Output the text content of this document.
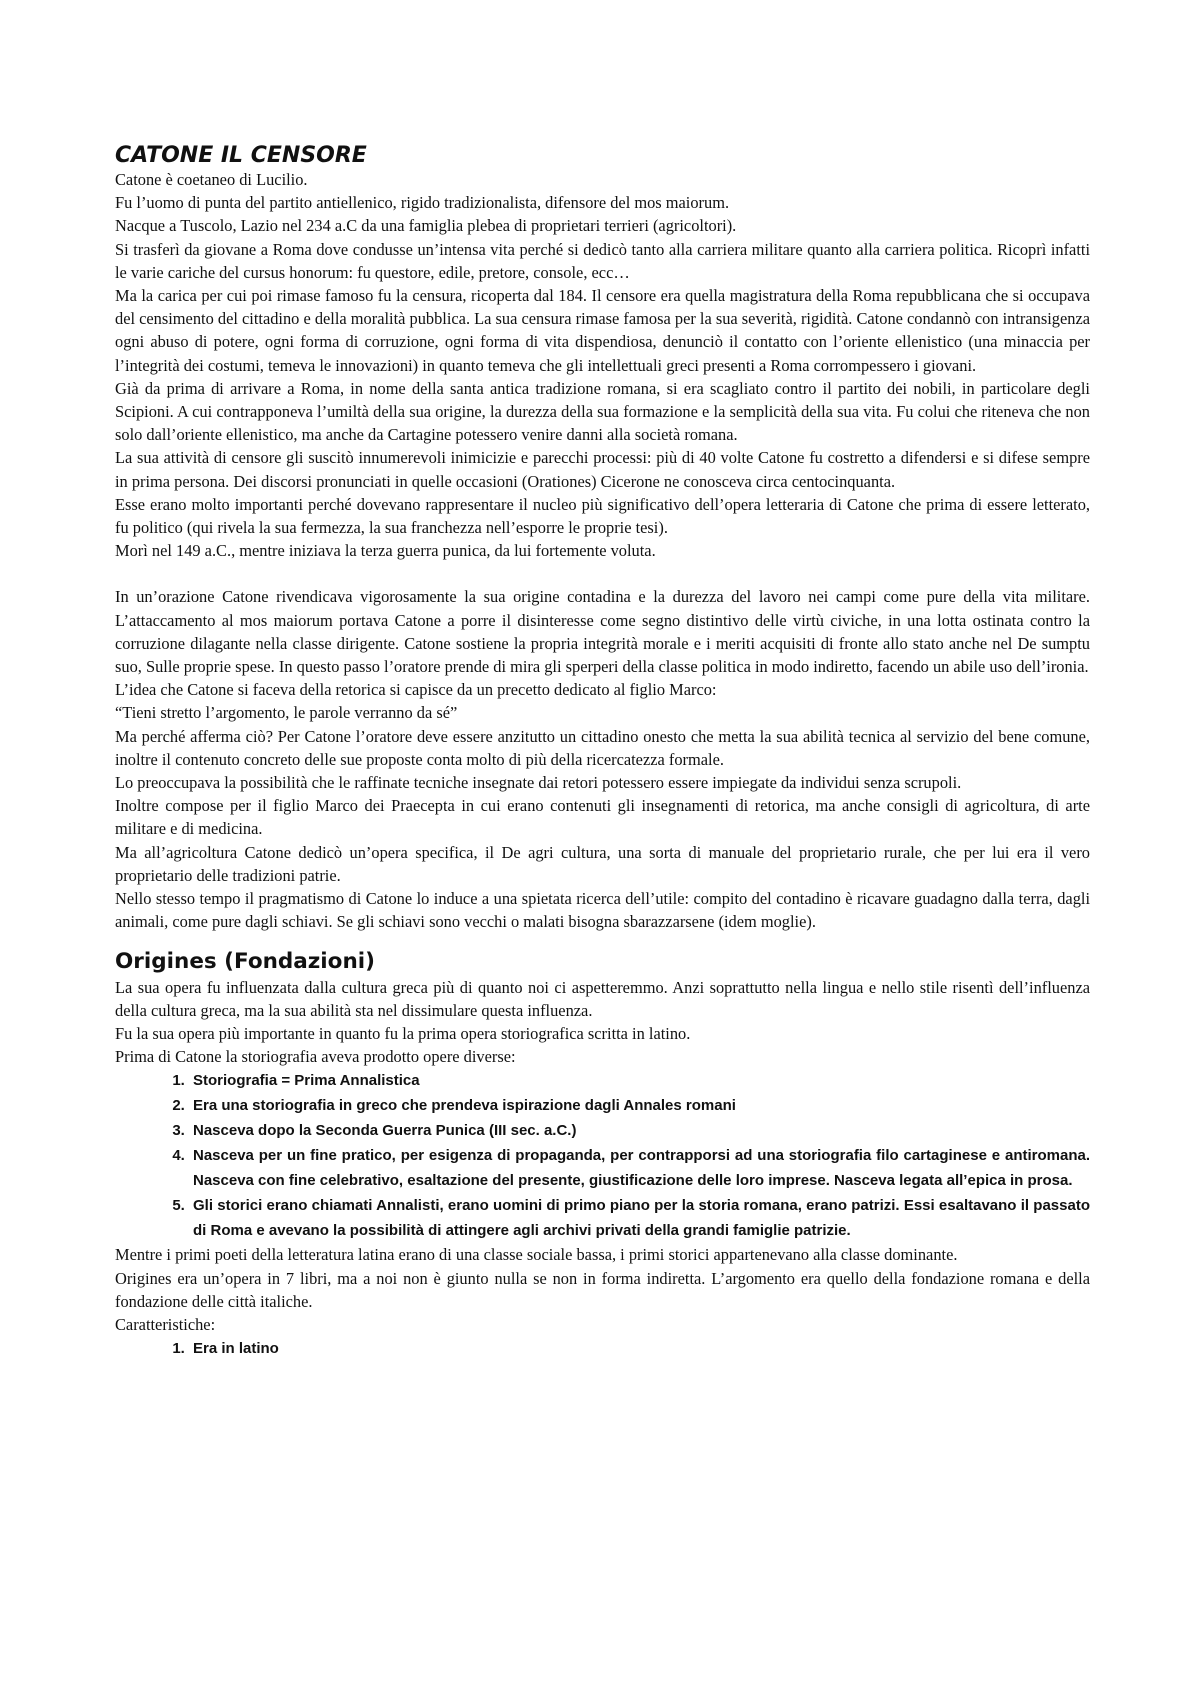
CATONE IL CENSORE

Catone è coetaneo di Lucilio.

Fu l’uomo di punta del partito antiellenico, rigido tradizionalista, difensore del mos maiorum.

Nacque a Tuscolo, Lazio nel 234 a.C da una famiglia plebea di proprietari terrieri (agricoltori).

Si trasferì da giovane a Roma dove condusse un’intensa vita perché si dedicò tanto alla carriera militare quanto alla carriera politica. Ricoprì infatti le varie cariche del cursus honorum: fu questore, edile, pretore, console, ecc…

Ma la carica per cui poi rimase famoso fu la censura, ricoperta dal 184. Il censore era quella magistratura della Roma repubblicana che si occupava del censimento del cittadino e della moralità pubblica. La sua censura rimase famosa per la sua severità, rigidità. Catone condannò con intransigenza ogni abuso di potere, ogni forma di corruzione, ogni forma di vita dispendiosa, denunciò il contatto con l’oriente ellenistico (una minaccia per l’integrità dei costumi, temeva le innovazioni) in quanto temeva che gli intellettuali greci presenti a Roma corrompessero i giovani.

Già da prima di arrivare a Roma, in nome della santa antica tradizione romana, si era scagliato contro il partito dei nobili, in particolare degli Scipioni. A cui contrapponeva l’umiltà della sua origine, la durezza della sua formazione e la semplicità della sua vita. Fu colui che riteneva che non solo dall’oriente ellenistico, ma anche da Cartagine potessero venire danni alla società romana.

La sua attività di censore gli suscitò innumerevoli inimicizie e parecchi processi: più di 40 volte Catone fu costretto a difendersi e si difese sempre in prima persona. Dei discorsi pronunciati in quelle occasioni (Orationes) Cicerone ne conosceva circa centocinquanta.

Esse erano molto importanti perché dovevano rappresentare il nucleo più significativo dell’opera letteraria di Catone che prima di essere letterato, fu politico (qui rivela la sua fermezza, la sua franchezza nell’esporre le proprie tesi).

Morì nel 149 a.C., mentre iniziava la terza guerra punica, da lui fortemente voluta.

In un’orazione Catone rivendicava vigorosamente la sua origine contadina e la durezza del lavoro nei campi come pure della vita militare. L’attaccamento al mos maiorum portava Catone a porre il disinteresse come segno distintivo delle virtù civiche, in una lotta ostinata contro la corruzione dilagante nella classe dirigente. Catone sostiene la propria integrità morale e i meriti acquisiti di fronte allo stato anche nel De sumptu suo, Sulle proprie spese. In questo passo l’oratore prende di mira gli sperperi della classe politica in modo indiretto, facendo un abile uso dell’ironia.

L’idea che Catone si faceva della retorica si capisce da un precetto dedicato al figlio Marco:

“Tieni stretto l’argomento, le parole verranno da sé”

Ma perché afferma ciò? Per Catone l’oratore deve essere anzitutto un cittadino onesto che metta la sua abilità tecnica al servizio del bene comune, inoltre il contenuto concreto delle sue proposte conta molto di più della ricercatezza formale.

Lo preoccupava la possibilità che le raffinate tecniche insegnate dai retori potessero essere impiegate da individui senza scrupoli.

Inoltre compose per il figlio Marco dei Praecepta in cui erano contenuti gli insegnamenti di retorica, ma anche consigli di agricoltura, di arte militare e di medicina.

Ma all’agricoltura Catone dedicò un’opera specifica, il De agri cultura, una sorta di manuale del proprietario rurale, che per lui era il vero proprietario delle tradizioni patrie.

Nello stesso tempo il pragmatismo di Catone lo induce a una spietata ricerca dell’utile: compito del contadino è ricavare guadagno dalla terra, dagli animali, come pure dagli schiavi. Se gli schiavi sono vecchi o malati bisogna sbarazzarsene (idem moglie).

Origines (Fondazioni)

La sua opera fu influenzata dalla cultura greca più di quanto noi ci aspetteremmo. Anzi soprattutto nella lingua e nello stile risentì dell’influenza della cultura greca, ma la sua abilità sta nel dissimulare questa influenza.

Fu la sua opera più importante in quanto fu la prima opera storiografica scritta in latino.

Prima di Catone la storiografia aveva prodotto opere diverse:

1. Storiografia = Prima Annalistica
2. Era una storiografia in greco che prendeva ispirazione dagli Annales romani
3. Nasceva dopo la Seconda Guerra Punica (III sec. a.C.)
4. Nasceva per un fine pratico, per esigenza di propaganda, per contrapporsi ad una storiografia filo cartaginese e antiromana. Nasceva con fine celebrativo, esaltazione del presente, giustificazione delle loro imprese. Nasceva legata all’epica in prosa.
5. Gli storici erano chiamati Annalisti, erano uomini di primo piano per la storia romana, erano patrizi. Essi esaltavano il passato di Roma e avevano la possibilità di attingere agli archivi privati della grandi famiglie patrizie.

Mentre i primi poeti della letteratura latina erano di una classe sociale bassa, i primi storici appartenevano alla classe dominante.

Origines era un’opera in 7 libri, ma a noi non è giunto nulla se non in forma indiretta. L’argomento era quello della fondazione romana e della fondazione delle città italiche.

Caratteristiche:

1. Era in latino
